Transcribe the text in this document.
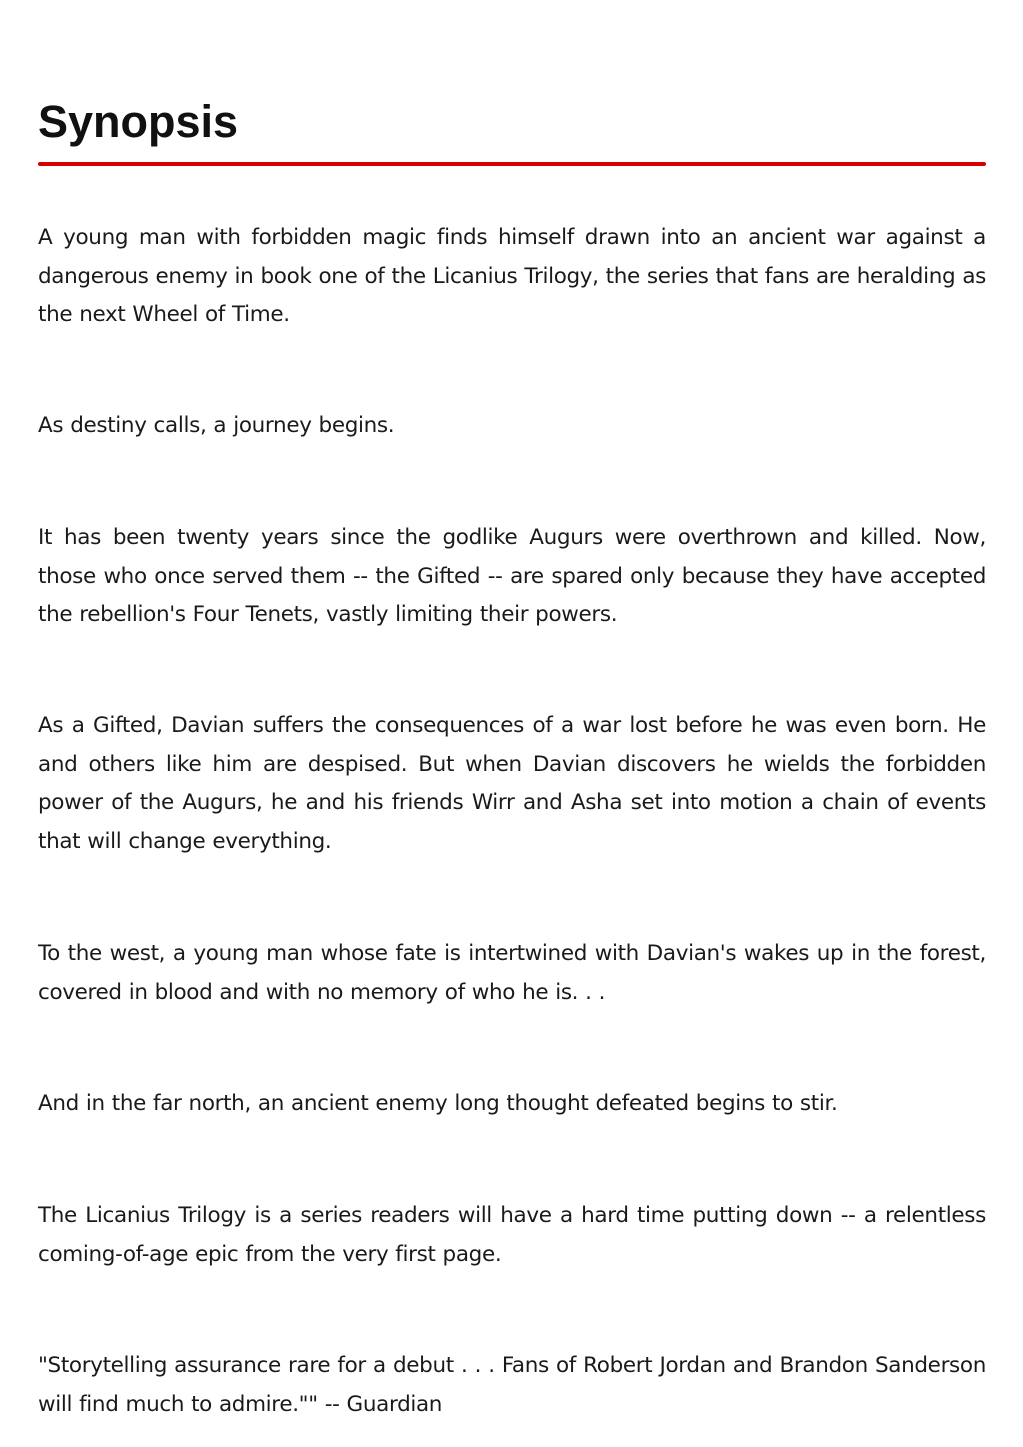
Synopsis

A young man with forbidden magic finds himself drawn into an ancient war against a dangerous enemy in book one of the Licanius Trilogy, the series that fans are heralding as the next Wheel of Time.

As destiny calls, a journey begins.

It has been twenty years since the godlike Augurs were overthrown and killed. Now, those who once served them -- the Gifted -- are spared only because they have accepted the rebellion's Four Tenets, vastly limiting their powers.

As a Gifted, Davian suffers the consequences of a war lost before he was even born. He and others like him are despised. But when Davian discovers he wields the forbidden power of the Augurs, he and his friends Wirr and Asha set into motion a chain of events that will change everything.

To the west, a young man whose fate is intertwined with Davian's wakes up in the forest, covered in blood and with no memory of who he is. . .

And in the far north, an ancient enemy long thought defeated begins to stir.

The Licanius Trilogy is a series readers will have a hard time putting down -- a relentless coming-of-age epic from the very first page.

"Storytelling assurance rare for a debut . . . Fans of Robert Jordan and Brandon Sanderson will find much to admire."" -- Guardian
